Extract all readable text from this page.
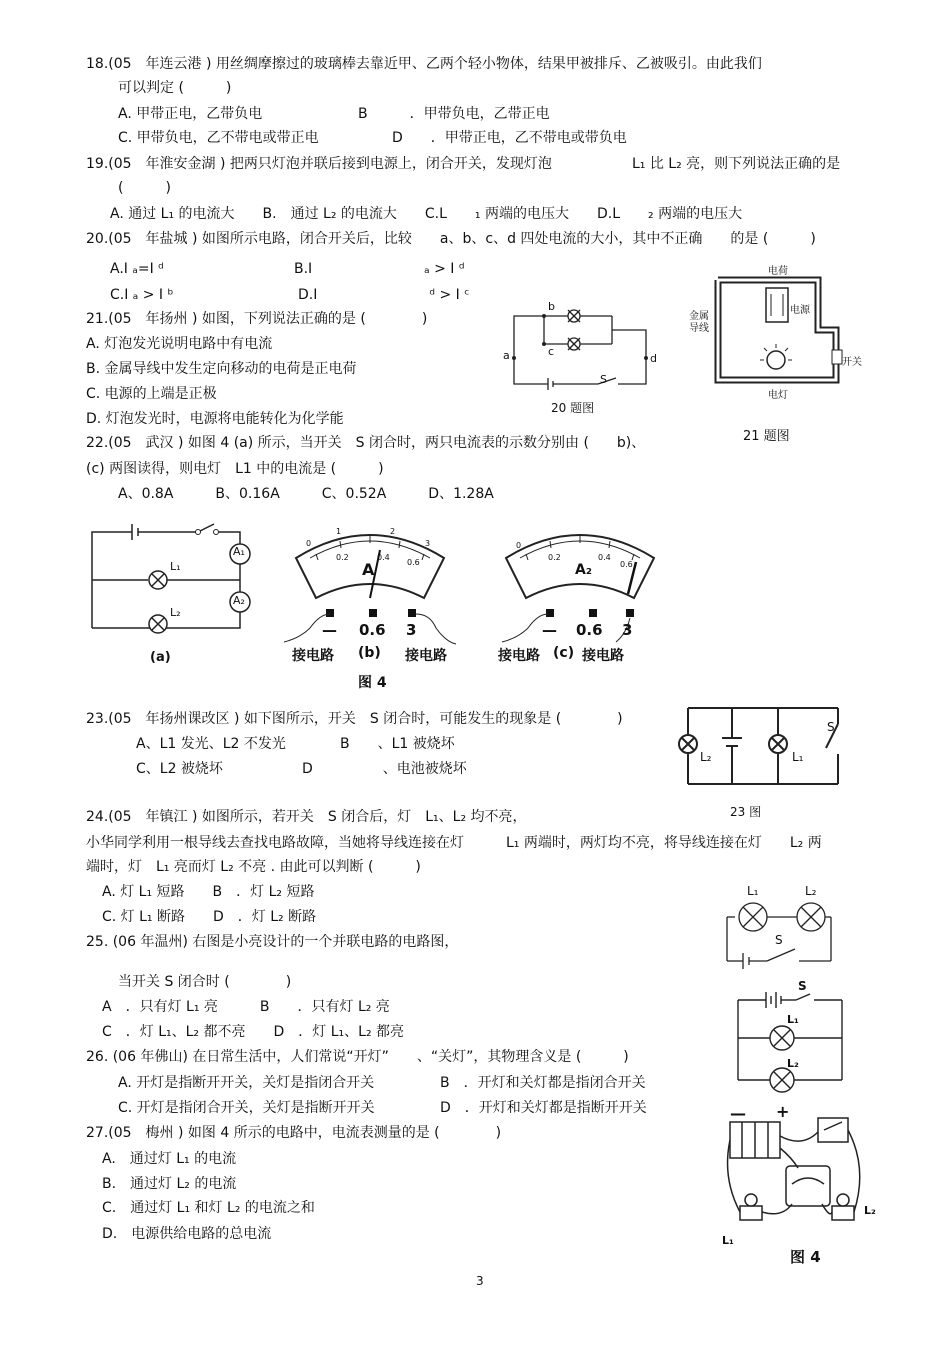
18.(05　年连云港 ) 用丝绸摩擦过的玻璃棒去靠近甲、乙两个轻小物体，结果甲被排斥、乙被吸引。由此我们
可以判定 (　　　)
A. 甲带正电，乙带负电	B　　　．甲带负电，乙带正电
C. 甲带负电，乙不带电或带正电	D　　．甲带正电，乙不带电或带负电
19.(05　年淮安金湖 ) 把两只灯泡并联后接到电源上，闭合开关，发现灯泡	L₁ 比 L₂ 亮，则下列说法正确的是
(　　　)
A. 通过 L₁ 的电流大　　B.　通过 L₂ 的电流大　　C.L　　₁ 两端的电压大　　D.L　　₂ 两端的电压大
20.(05　年盐城 ) 如图所示电路，闭合开关后，比较　　a、b、c、d 四处电流的大小，其中不正确　　的是 (　　　)
A.I ₐ=I ᵈ	B.I　　　　　　　　ₐ > I ᵈ
C.I ₐ > I ᵇ	D.I　　　　　　　　ᵈ > I ᶜ
a
b
c
d
S
20 题图
21.(05　年扬州 ) 如图，下列说法正确的是 (　　　　)
A. 灯泡发光说明电路中有电流
B. 金属导线中发生定向移动的电荷是正电荷
C. 电源的上端是正极
D. 灯泡发光时，电源将电能转化为化学能
电荷
电源
金属
导线
开关
电灯
21 题图
22.(05　武汉 ) 如图 4 (a) 所示，当开关　S 闭合时，两只电流表的示数分别由 (　　b)、
(c) 两图读得，则电灯　L1 中的电流是 (　　　)
A、0.8A　　　B、0.16A　　　C、0.52A　　　D、1.28A
A₁
A₂
L₁
L₂
(a)
0
0.2	0.4
0.6
1	2
3
A
— 0.6 3
接电路 (b) 接电路
图 4
0
0.2	0.4
0.6
A₂
— 0.6 3
接电路 (c) 接电路
23.(05　年扬州课改区 ) 如下图所示，开关　S 闭合时，可能发生的现象是 (　　　　)
A、L1 发光、L2 不发光	B　　、L1 被烧坏
C、L2 被烧坏	D　　　　　、电池被烧坏
L₂	L₁
S
23 图
24.(05　年镇江 ) 如图所示，若开关　S 闭合后，灯　L₁、L₂ 均不亮，
小华同学利用一根导线去查找电路故障，当她将导线连接在灯　　　L₁ 两端时，两灯均不亮，将导线连接在灯　　L₂ 两
端时，灯　L₁ 亮而灯 L₂ 不亮 . 由此可以判断 (　　　)
A. 灯 L₁ 短路　　B　．灯 L₂ 短路
C. 灯 L₁ 断路　　D　．灯 L₂ 断路
L₁	L₂
S
25. (06 年温州) 右图是小亮设计的一个并联电路的电路图，
当开关 S 闭合时 (　　　　)
A　．只有灯 L₁ 亮　　　B　　．只有灯 L₂ 亮
C　．灯 L₁、L₂ 都不亮　　D　．灯 L₁、L₂ 都亮
S
L₁
L₂
26. (06 年佛山) 在日常生活中，人们常说“开灯”　　、“关灯”，其物理含义是 (　　　)
A. 开灯是指断开开关，关灯是指闭合开关	B　．开灯和关灯都是指闭合开关
C. 开灯是指闭合开关，关灯是指断开开关	D　．开灯和关灯都是指断开开关
27.(05　梅州 ) 如图 4 所示的电路中，电流表测量的是 (　　　　)
A.　通过灯 L₁ 的电流
B.　通过灯 L₂ 的电流
C.　通过灯 L₁ 和灯 L₂ 的电流之和
D.　电源供给电路的总电流
— +
L₁
L₂
图 4
3
